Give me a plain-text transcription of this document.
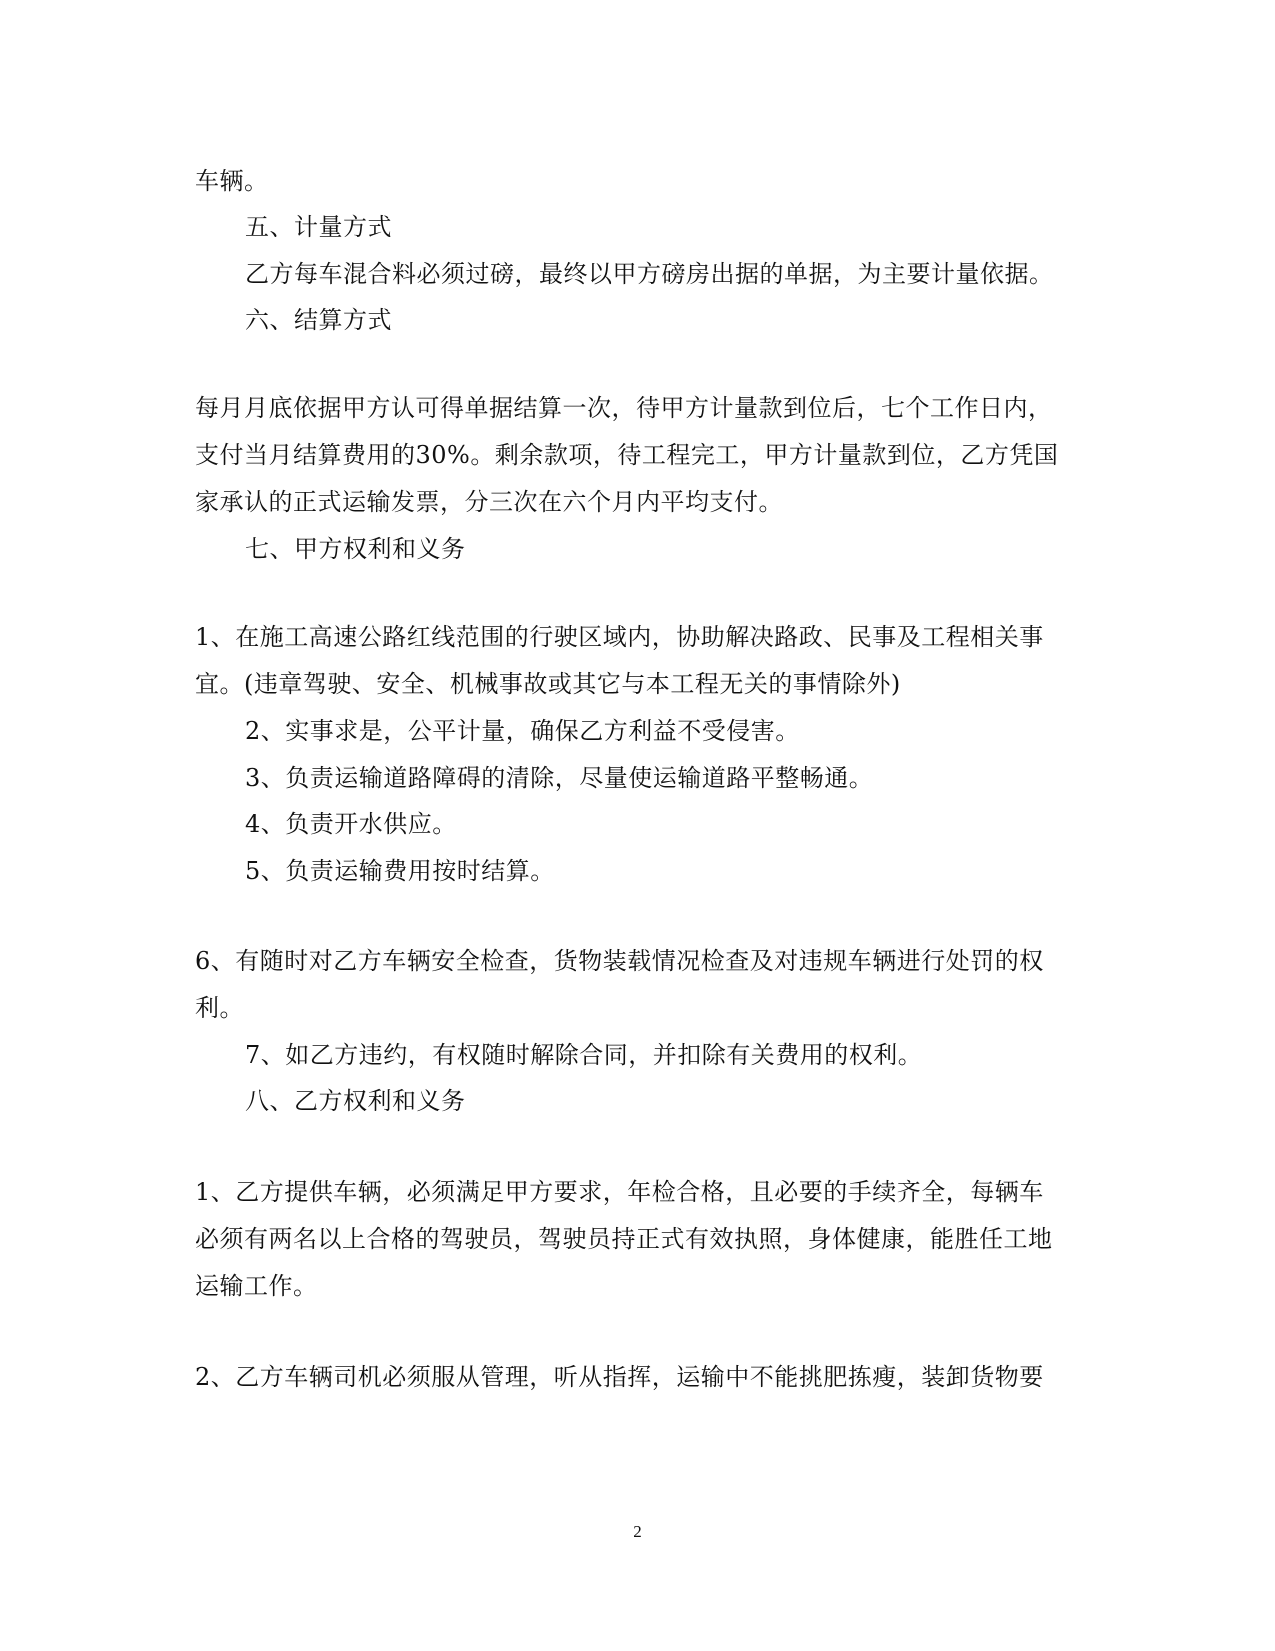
车辆。
五、计量方式
乙方每车混合料必须过磅，最终以甲方磅房出据的单据，为主要计量依据。
六、结算方式
每月月底依据甲方认可得单据结算一次，待甲方计量款到位后，七个工作日内，
支付当月结算费用的30%。剩余款项，待工程完工，甲方计量款到位，乙方凭国
家承认的正式运输发票，分三次在六个月内平均支付。
七、甲方权利和义务
1、在施工高速公路红线范围的行驶区域内，协助解决路政、民事及工程相关事
宜。(违章驾驶、安全、机械事故或其它与本工程无关的事情除外)
2、实事求是，公平计量，确保乙方利益不受侵害。
3、负责运输道路障碍的清除，尽量使运输道路平整畅通。
4、负责开水供应。
5、负责运输费用按时结算。
6、有随时对乙方车辆安全检查，货物装载情况检查及对违规车辆进行处罚的权
利。
7、如乙方违约，有权随时解除合同，并扣除有关费用的权利。
八、乙方权利和义务
1、乙方提供车辆，必须满足甲方要求，年检合格，且必要的手续齐全，每辆车
必须有两名以上合格的驾驶员，驾驶员持正式有效执照，身体健康，能胜任工地
运输工作。
2、乙方车辆司机必须服从管理，听从指挥，运输中不能挑肥拣瘦，装卸货物要
2
